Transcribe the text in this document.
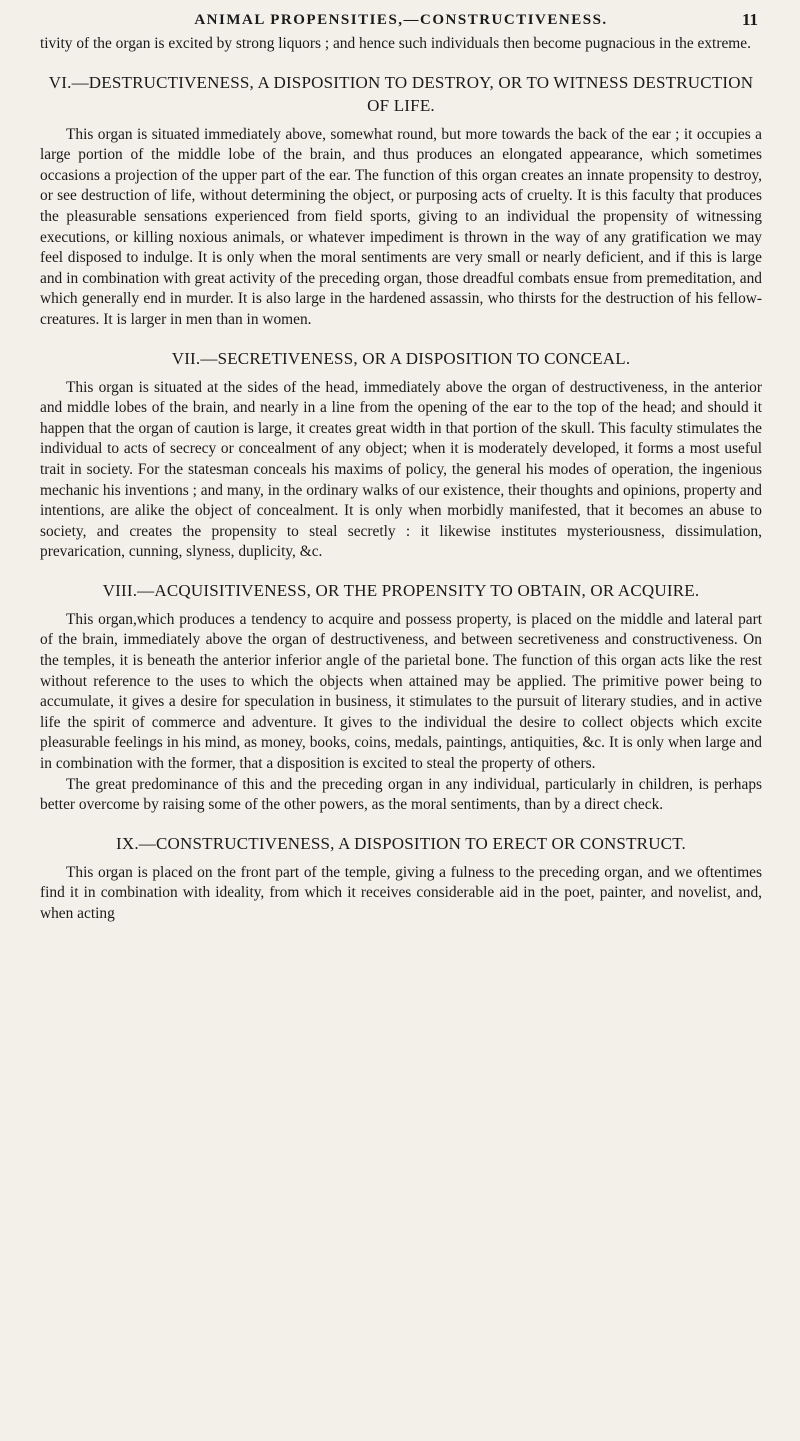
ANIMAL PROPENSITIES,—CONSTRUCTIVENESS.	11

tivity of the organ is excited by strong liquors ; and hence such individuals then become pugnacious in the extreme.

VI.—DESTRUCTIVENESS, A DISPOSITION TO DESTROY, OR TO WITNESS DESTRUCTION OF LIFE.

This organ is situated immediately above, somewhat round, but more towards the back of the ear ; it occupies a large portion of the middle lobe of the brain, and thus produces an elongated appearance, which sometimes occasions a projection of the upper part of the ear. The function of this organ creates an innate propensity to destroy, or see destruction of life, without determining the object, or purposing acts of cruelty. It is this faculty that produces the pleasurable sensations experienced from field sports, giving to an individual the propensity of witnessing executions, or killing noxious animals, or whatever impediment is thrown in the way of any gratification we may feel disposed to indulge. It is only when the moral sentiments are very small or nearly deficient, and if this is large and in combination with great activity of the preceding organ, those dreadful combats ensue from premeditation, and which generally end in murder. It is also large in the hardened assassin, who thirsts for the destruction of his fellow-creatures. It is larger in men than in women.

VII.—SECRETIVENESS, OR A DISPOSITION TO CONCEAL.

This organ is situated at the sides of the head, immediately above the organ of destructiveness, in the anterior and middle lobes of the brain, and nearly in a line from the opening of the ear to the top of the head; and should it happen that the organ of caution is large, it creates great width in that portion of the skull. This faculty stimulates the individual to acts of secrecy or concealment of any object; when it is moderately developed, it forms a most useful trait in society. For the statesman conceals his maxims of policy, the general his modes of operation, the ingenious mechanic his inventions ; and many, in the ordinary walks of our existence, their thoughts and opinions, property and intentions, are alike the object of concealment. It is only when morbidly manifested, that it becomes an abuse to society, and creates the propensity to steal secretly : it likewise institutes mysteriousness, dissimulation, prevarication, cunning, slyness, duplicity, &c.

VIII.—ACQUISITIVENESS, OR THE PROPENSITY TO OBTAIN, OR ACQUIRE.

This organ,which produces a tendency to acquire and possess property, is placed on the middle and lateral part of the brain, immediately above the organ of destructiveness, and between secretiveness and constructiveness. On the temples, it is beneath the anterior inferior angle of the parietal bone. The function of this organ acts like the rest without reference to the uses to which the objects when attained may be applied. The primitive power being to accumulate, it gives a desire for speculation in business, it stimulates to the pursuit of literary studies, and in active life the spirit of commerce and adventure. It gives to the individual the desire to collect objects which excite pleasurable feelings in his mind, as money, books, coins, medals, paintings, antiquities, &c. It is only when large and in combination with the former, that a disposition is excited to steal the property of others.

The great predominance of this and the preceding organ in any individual, particularly in children, is perhaps better overcome by raising some of the other powers, as the moral sentiments, than by a direct check.

IX.—CONSTRUCTIVENESS, A DISPOSITION TO ERECT OR CONSTRUCT.

This organ is placed on the front part of the temple, giving a fulness to the preceding organ, and we oftentimes find it in combination with ideality, from which it receives considerable aid in the poet, painter, and novelist, and, when acting
